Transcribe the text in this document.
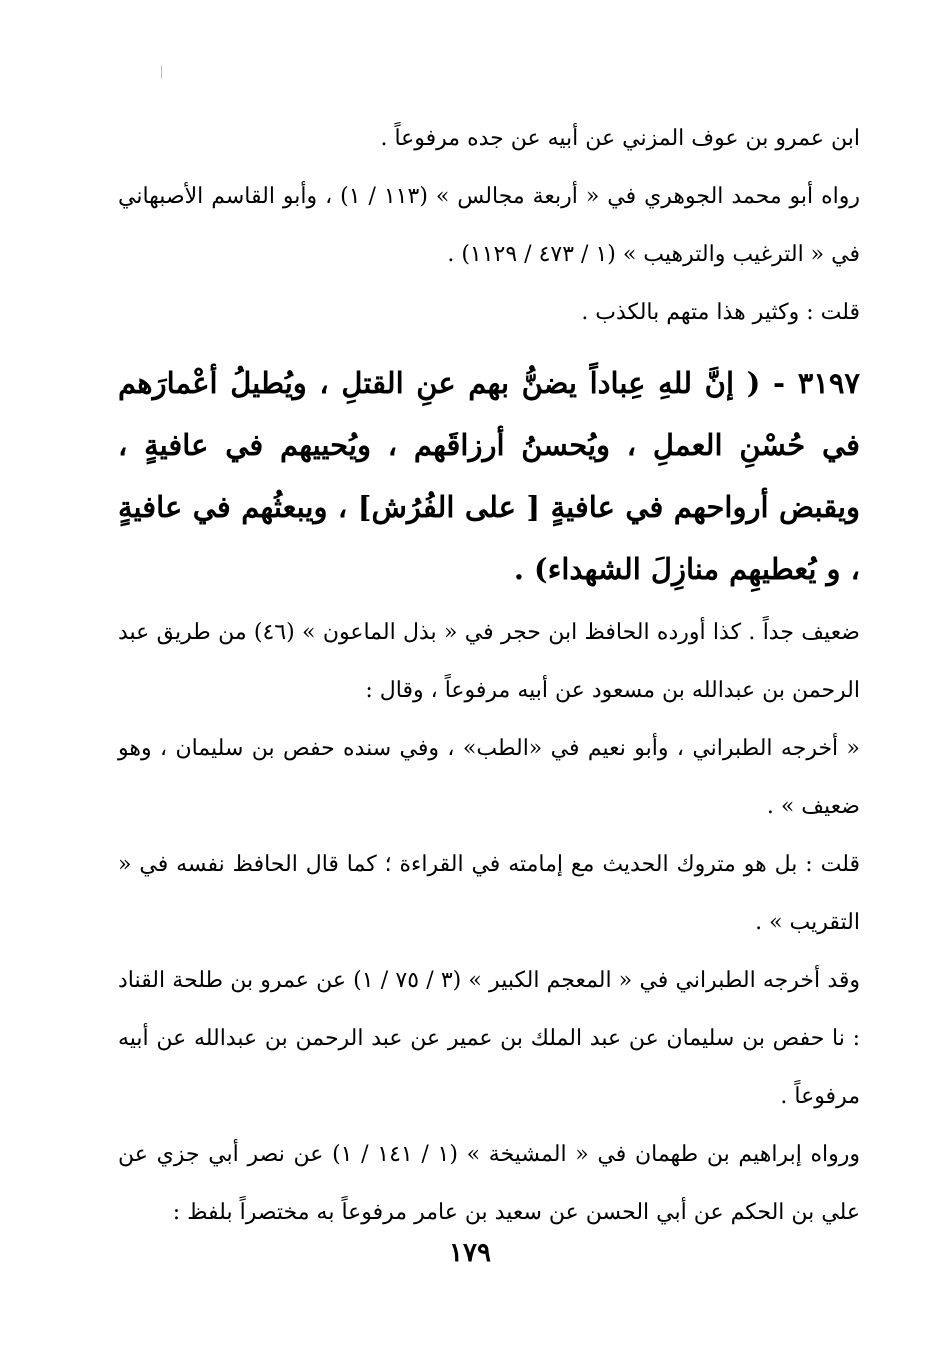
ابن عمرو بن عوف المزني عن أبيه عن جده مرفوعاً .

رواه أبو محمد الجوهري في « أربعة مجالس » (١١٣ / ١) ، وأبو القاسم الأصبهاني في « الترغيب والترهيب » (١ / ٤٧٣ / ١١٢٩) .

قلت : وكثير هذا متهم بالكذب .

٣١٩٧ - ( إنَّ للهِ عِباداً يضنُّ بهم عنِ القتلِ ، ويُطيلُ أعْمارَهم في حُسْنِ العملِ ، ويُحسنُ أرزاقَهم ، ويُحييهم في عافيةٍ ، ويقبض أرواحهم في عافيةٍ [ على الفُرُش] ، ويبعثُهم في عافيةٍ ، و يُعطيهِم منازِلَ الشهداء) .

ضعيف جداً . كذا أورده الحافظ ابن حجر في « بذل الماعون » (٤٦) من طريق عبد الرحمن بن عبدالله بن مسعود عن أبيه مرفوعاً ، وقال :

« أخرجه الطبراني ، وأبو نعيم في «الطب» ، وفي سنده حفص بن سليمان ، وهو ضعيف » .

قلت : بل هو متروك الحديث مع إمامته في القراءة ؛ كما قال الحافظ نفسه في « التقريب » .

وقد أخرجه الطبراني في « المعجم الكبير » (٣ / ٧٥ / ١) عن عمرو بن طلحة القناد : نا حفص بن سليمان عن عبد الملك بن عمير عن عبد الرحمن بن عبدالله عن أبيه مرفوعاً .

ورواه إبراهيم بن طهمان في « المشيخة » (١ / ١٤١ / ١) عن نصر أبي جزي عن علي بن الحكم عن أبي الحسن عن سعيد بن عامر مرفوعاً به مختصراً بلفظ :

١٧٩
